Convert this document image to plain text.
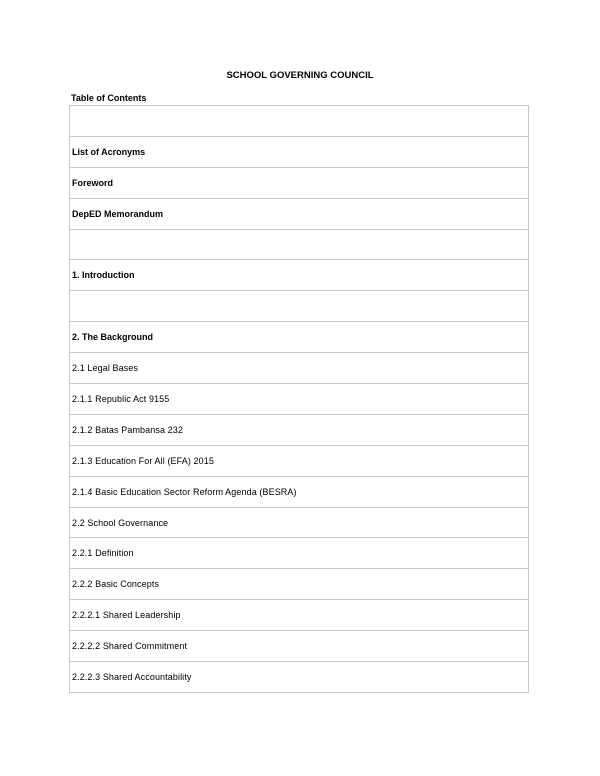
SCHOOL GOVERNING COUNCIL
Table of Contents

List of Acronyms
Foreword
DepED Memorandum

1. Introduction

2. The Background
2.1 Legal Bases
2.1.1 Republic Act 9155
2.1.2 Batas Pambansa 232
2.1.3 Education For All (EFA) 2015
2.1.4 Basic Education Sector Reform Agenda (BESRA)
2.2 School Governance
2.2.1 Definition
2.2.2 Basic Concepts
2.2.2.1 Shared Leadership
2.2.2.2 Shared Commitment
2.2.2.3 Shared Accountability
